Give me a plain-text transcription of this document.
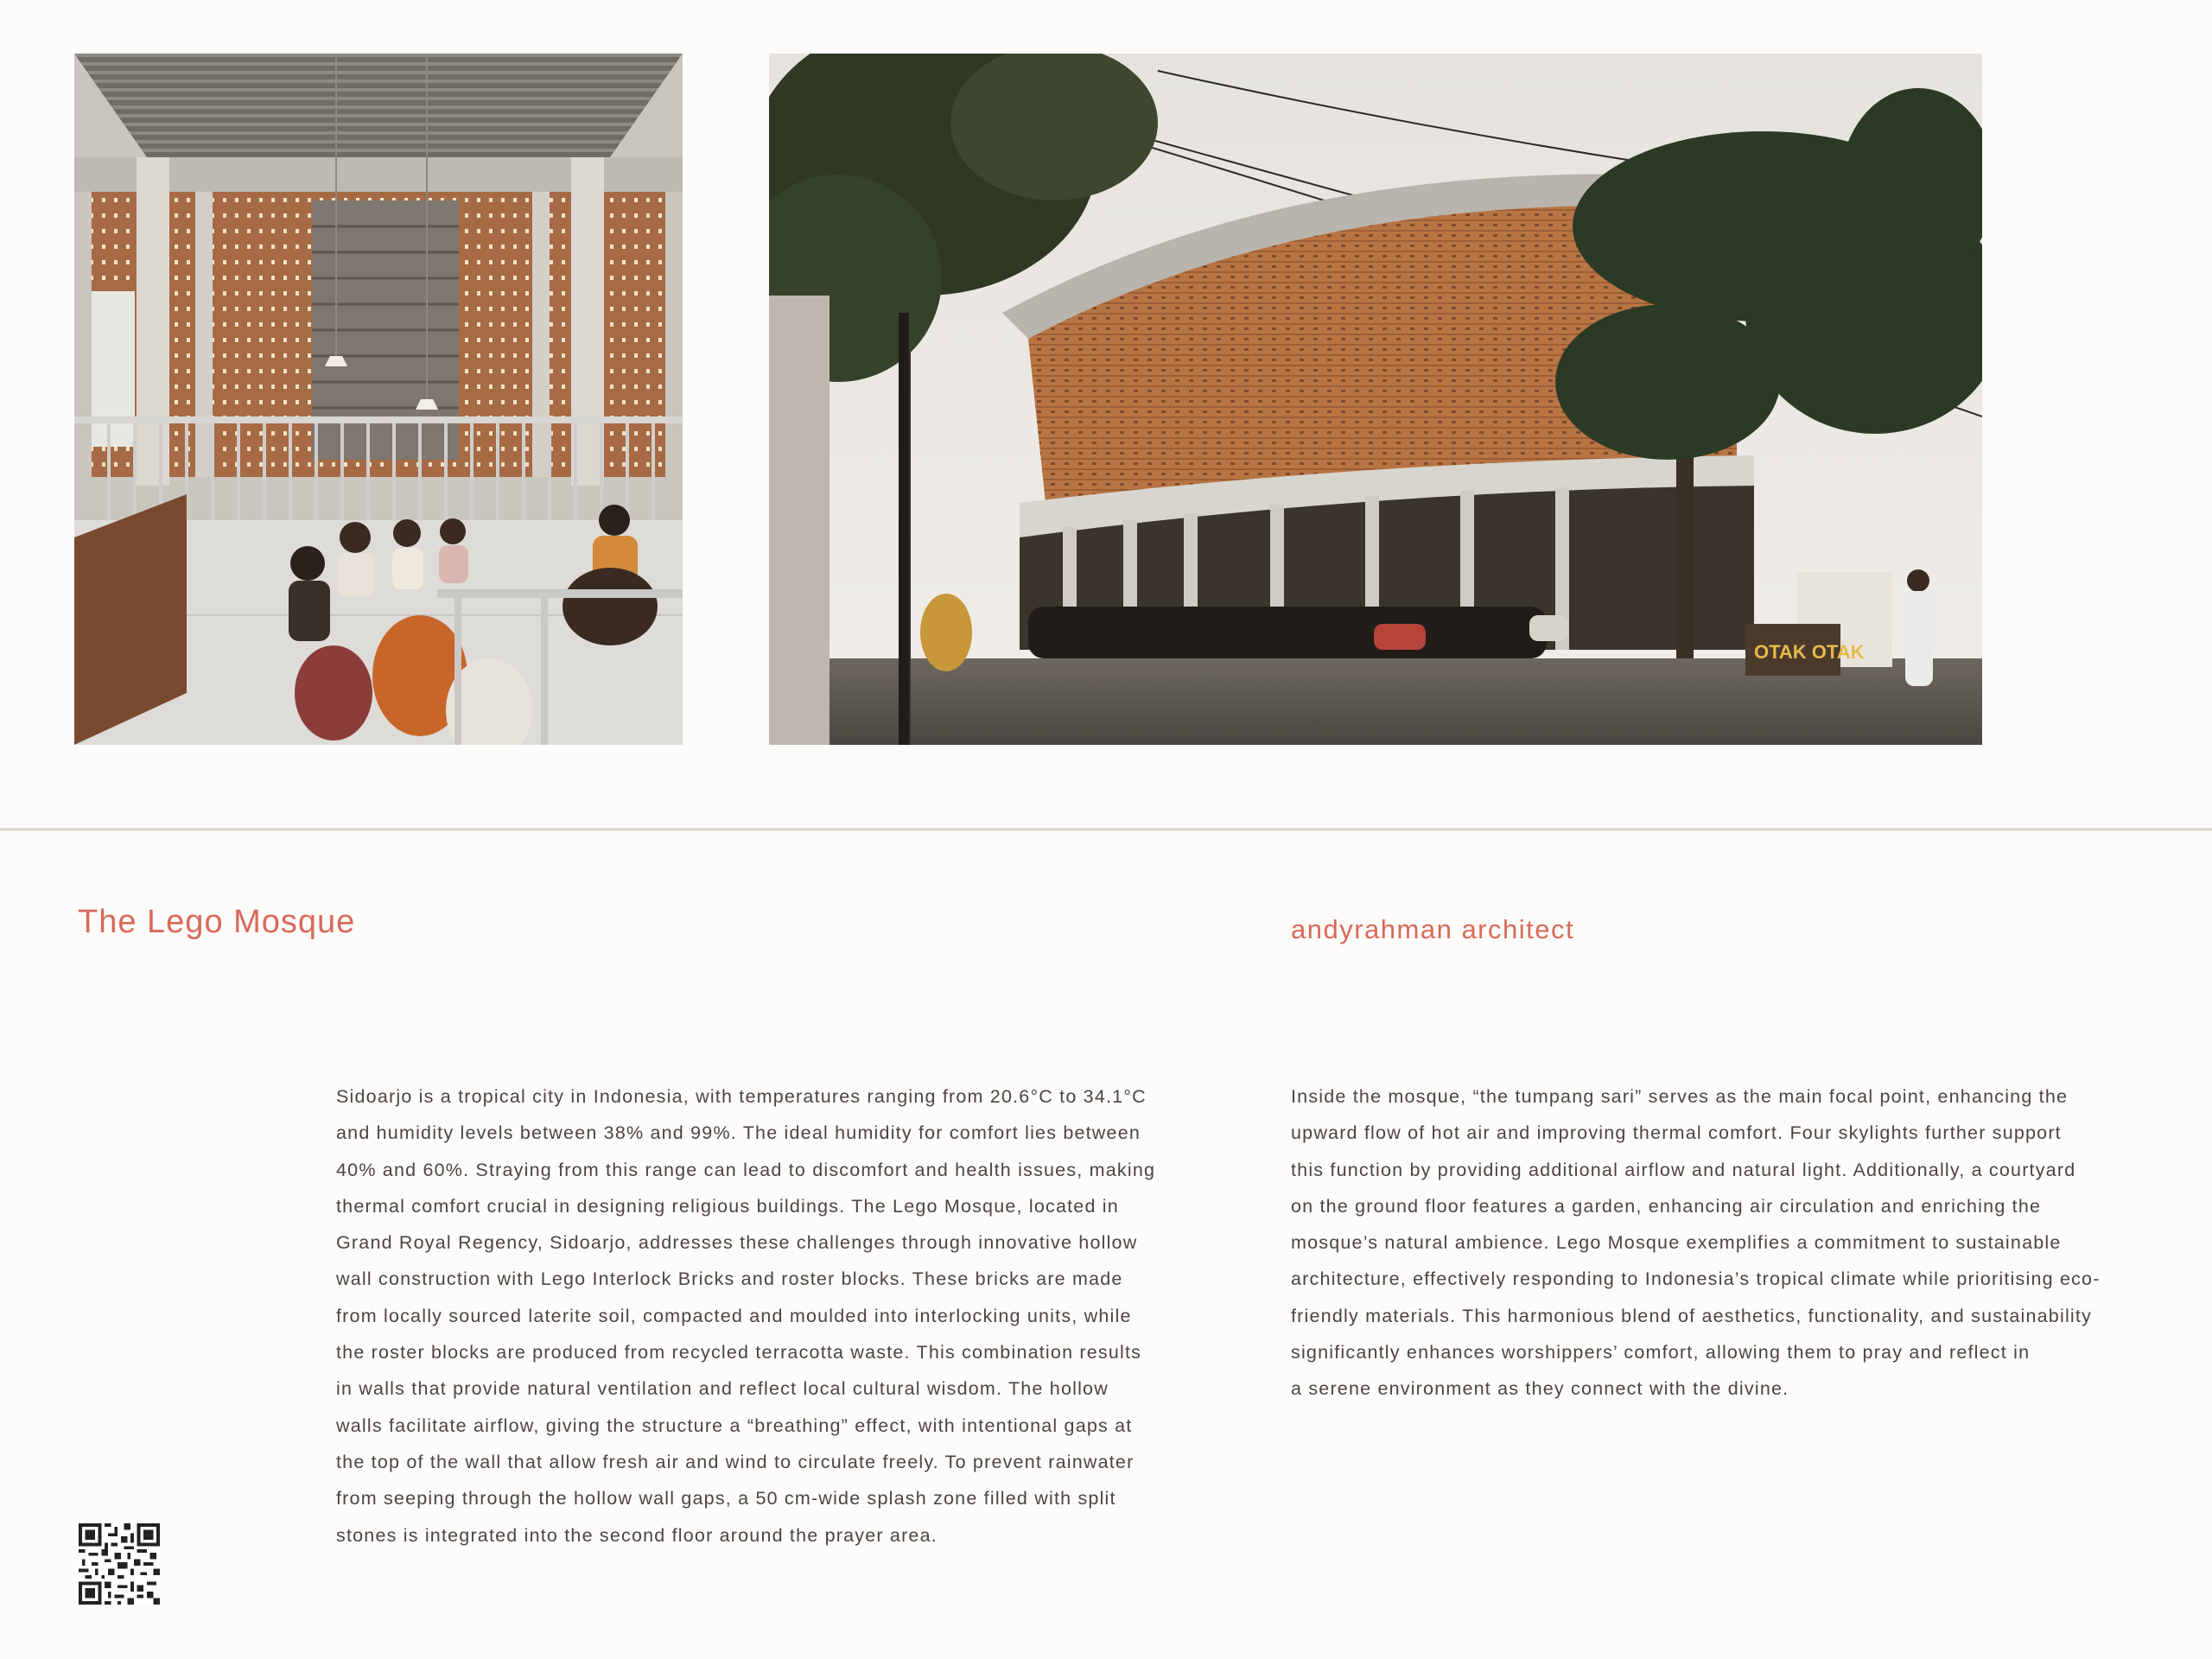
OTAK OTAK
The Lego Mosque	andyrahman architect

Sidoarjo is a tropical city in Indonesia, with temperatures ranging from 20.6°C to 34.1°C
and humidity levels between 38% and 99%. The ideal humidity for comfort lies between
40% and 60%. Straying from this range can lead to discomfort and health issues, making
thermal comfort crucial in designing religious buildings. The Lego Mosque, located in
Grand Royal Regency, Sidoarjo, addresses these challenges through innovative hollow
wall construction with Lego Interlock Bricks and roster blocks. These bricks are made
from locally sourced laterite soil, compacted and moulded into interlocking units, while
the roster blocks are produced from recycled terracotta waste. This combination results
in walls that provide natural ventilation and reflect local cultural wisdom. The hollow
walls facilitate airflow, giving the structure a “breathing” effect, with intentional gaps at
the top of the wall that allow fresh air and wind to circulate freely. To prevent rainwater
from seeping through the hollow wall gaps, a 50 cm-wide splash zone filled with split
stones is integrated into the second floor around the prayer area.

Inside the mosque, “the tumpang sari” serves as the main focal point, enhancing the
upward flow of hot air and improving thermal comfort. Four skylights further support
this function by providing additional airflow and natural light. Additionally, a courtyard
on the ground floor features a garden, enhancing air circulation and enriching the
mosque’s natural ambience. Lego Mosque exemplifies a commitment to sustainable
architecture, effectively responding to Indonesia’s tropical climate while prioritising eco-
friendly materials. This harmonious blend of aesthetics, functionality, and sustainability
significantly enhances worshippers’ comfort, allowing them to pray and reflect in
a serene environment as they connect with the divine.
